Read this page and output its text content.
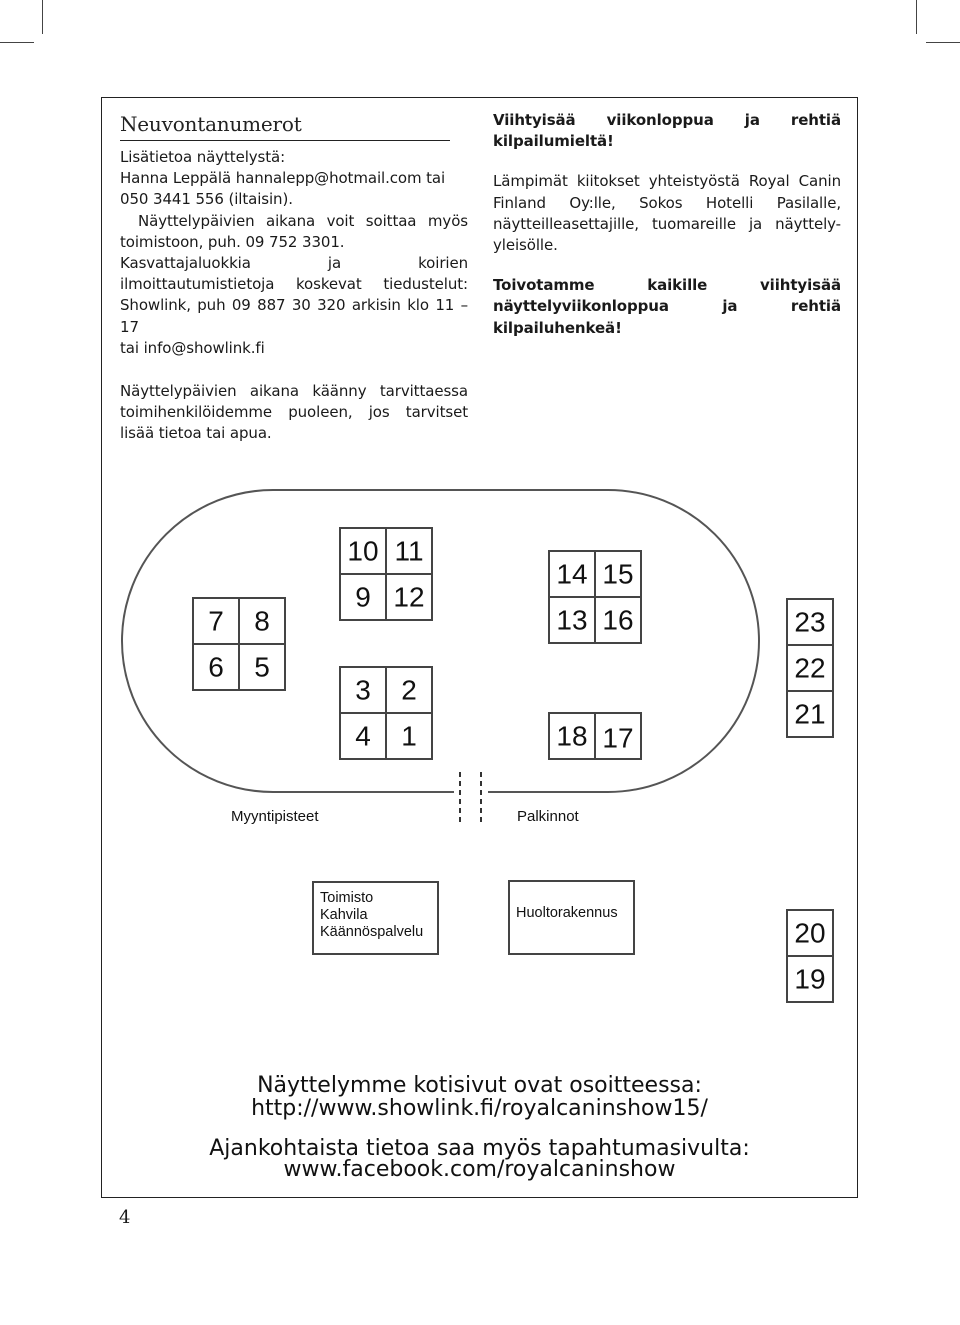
Neuvontanumerot

Lisätietoa näyttelystä:

Hanna Leppälä hannalepp@hotmail.com tai

050 3441 556 (iltaisin).

Näyttelypäivien aikana voit soittaa myös toimistoon, puh. 09 752 3301.

Kasvattajaluokkia ja koirien ilmoittautumistietoja koskevat tiedustelut: Showlink, puh 09 887 30 320 arkisin klo 11 – 17

tai info@showlink.fi

Näyttelypäivien aikana käänny tarvittaessa toimihenkilöidemme puoleen, jos tarvitset lisää tietoa tai apua.

Viihtyisää viikonloppua ja rehtiä kilpailumieltä!

Lämpimät kiitokset yhteistyöstä Royal Canin Finland Oy:lle, Sokos Hotelli Pasilalle, näytteilleasettajille, tuomareille ja näyttely-yleisölle.

Toivotamme kaikille viihtyisää näyttelyviikonloppua ja rehtiä kilpailuhenkeä!

7 8
6 5
10 11
9 12
3 2
4 1
14 15
13 16
18 17
23
22
21
20
19
Myyntipisteet	Palkinnot
Toimisto
Kahvila
Käännöspalvelu
Huoltorakennus
Näyttelymme kotisivut ovat osoitteessa:
http://www.showlink.fi/royalcaninshow15/
Ajankohtaista tietoa saa myös tapahtumasivulta:
www.facebook.com/royalcaninshow
4
